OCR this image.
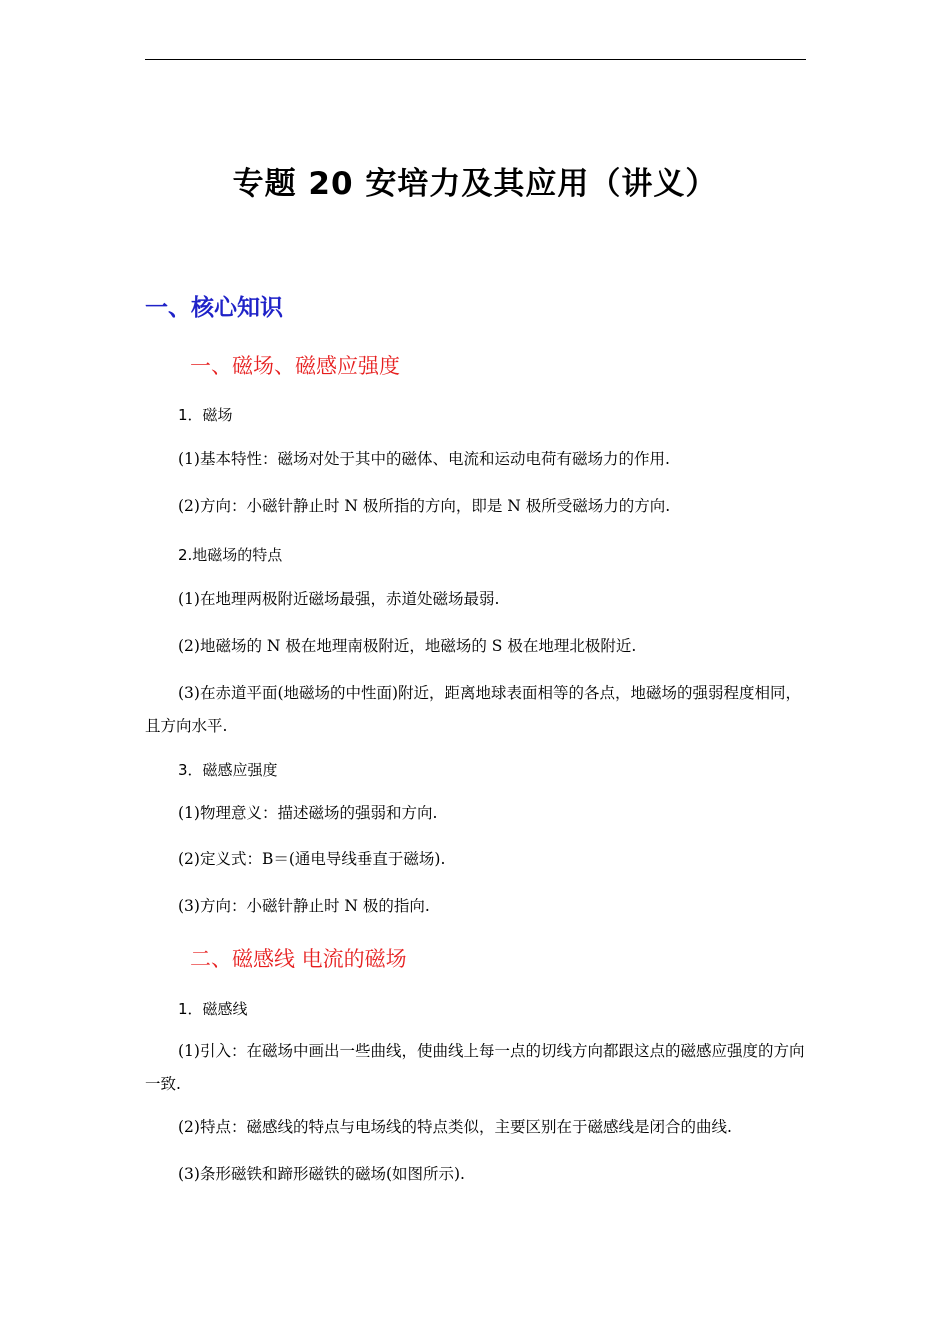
专题 20 安培力及其应用（讲义）
一、核心知识
一、磁场、磁感应强度
1．磁场
(1)基本特性：磁场对处于其中的磁体、电流和运动电荷有磁场力的作用.
(2)方向：小磁针静止时 N 极所指的方向，即是 N 极所受磁场力的方向.
2.地磁场的特点
(1)在地理两极附近磁场最强，赤道处磁场最弱.
(2)地磁场的 N 极在地理南极附近，地磁场的 S 极在地理北极附近.
(3)在赤道平面(地磁场的中性面)附近，距离地球表面相等的各点，地磁场的强弱程度相同，且方向水平.
3．磁感应强度
(1)物理意义：描述磁场的强弱和方向.
(2)定义式：B＝(通电导线垂直于磁场).
(3)方向：小磁针静止时 N 极的指向.
二、磁感线 电流的磁场
1．磁感线
(1)引入：在磁场中画出一些曲线，使曲线上每一点的切线方向都跟这点的磁感应强度的方向一致.
(2)特点：磁感线的特点与电场线的特点类似，主要区别在于磁感线是闭合的曲线.
(3)条形磁铁和蹄形磁铁的磁场(如图所示).
